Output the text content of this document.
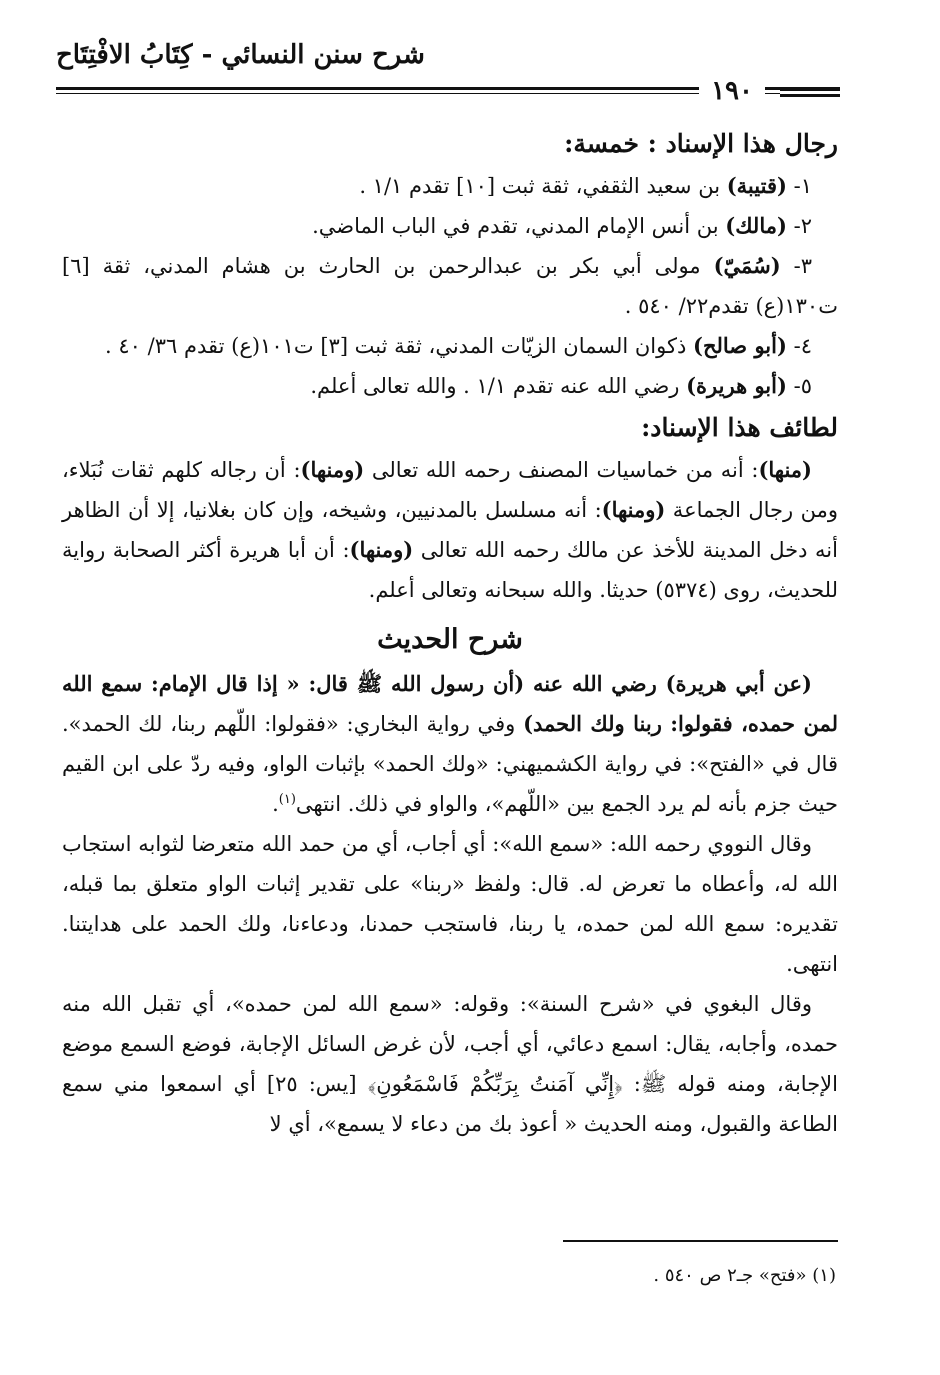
شرح سنن النسائي - كِتَابُ الافْتِتَاح
١٩٠
رجال هذا الإسناد : خمسة:
١- (قتيبة) بن سعيد الثقفي، ثقة ثبت [١٠] تقدم ١/١ .
٢- (مالك) بن أنس الإمام المدني، تقدم في الباب الماضي.
٣- (سُمَيّ) مولى أبي بكر بن عبدالرحمن بن الحارث بن هشام المدني، ثقة [٦] ت١٣٠(ع) تقدم٢٢/ ٥٤٠ .
٤- (أبو صالح) ذكوان السمان الزيّات المدني، ثقة ثبت [٣] ت١٠١(ع) تقدم ٣٦/ ٤٠ .
٥- (أبو هريرة) رضي الله عنه تقدم ١/١ . والله تعالى أعلم.
لطائف هذا الإسناد:

(منها): أنه من خماسيات المصنف رحمه الله تعالى (ومنها): أن رجاله كلهم ثقات نُبَلاء، ومن رجال الجماعة (ومنها): أنه مسلسل بالمدنيين، وشيخه، وإن كان بغلانيا، إلا أن الظاهر أنه دخل المدينة للأخذ عن مالك رحمه الله تعالى (ومنها): أن أبا هريرة أكثر الصحابة رواية للحديث، روى (٥٣٧٤) حديثا. والله سبحانه وتعالى أعلم.

شرح الحديث

(عن أبي هريرة) رضي الله عنه (أن رسول الله ﷺ قال: « إذا قال الإمام: سمع الله لمن حمده، فقولوا: ربنا ولك الحمد) وفي رواية البخاري: «فقولوا: اللّهم ربنا، لك الحمد». قال في «الفتح»: في رواية الكشميهني: «ولك الحمد» بإثبات الواو، وفيه ردّ على ابن القيم حيث جزم بأنه لم يرد الجمع بين «اللّهم»، والواو في ذلك. انتهى$^{(١)}$.

وقال النووي رحمه الله: «سمع الله»: أي أجاب، أي من حمد الله متعرضا لثوابه استجاب الله له، وأعطاه ما تعرض له. قال: ولفظ «ربنا» على تقدير إثبات الواو متعلق بما قبله، تقديره: سمع الله لمن حمده، يا ربنا، فاستجب حمدنا، ودعاءنا، ولك الحمد على هدايتنا. انتهى.

وقال البغوي في «شرح السنة»: وقوله: «سمع الله لمن حمده»، أي تقبل الله منه حمده، وأجابه، يقال: اسمع دعائي، أي أجب، لأن غرض السائل الإجابة، فوضع السمع موضع الإجابة، ومنه قوله ﷺ: ﴿إِنِّي آمَنتُ بِرَبِّكُمْ فَاسْمَعُونِ﴾ [يس: ٢٥] أي اسمعوا مني سمع الطاعة والقبول، ومنه الحديث « أعوذ بك من دعاء لا يسمع»، أي لا

(١) «فتح» جـ٢ ص ٥٤٠ .
